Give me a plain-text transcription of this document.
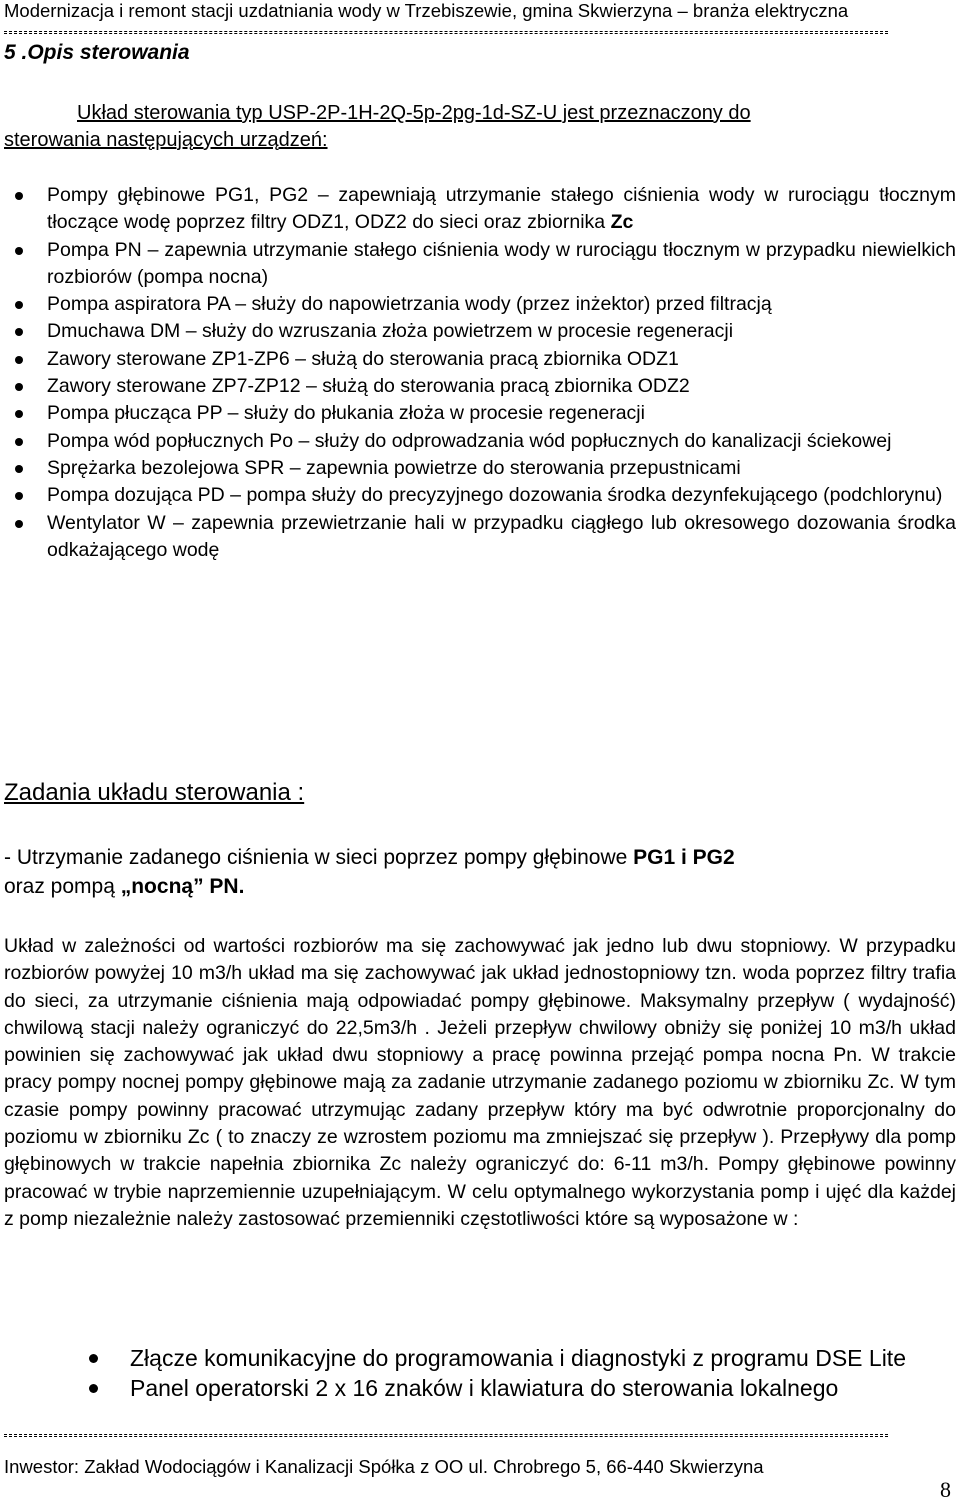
Modernizacja i remont stacji uzdatniania wody w Trzebiszewie, gmina Skwierzyna – branża elektryczna
5 .Opis sterowania
Układ sterowania typ USP-2P-1H-2Q-5p-2pg-1d-SZ-U jest przeznaczony do
sterowania następujących urządzeń:
Pompy głębinowe PG1, PG2 – zapewniają utrzymanie stałego ciśnienia wody w rurociągu tłocznym tłoczące wodę poprzez filtry ODZ1, ODZ2 do sieci oraz zbiornika Zc
Pompa PN – zapewnia utrzymanie stałego ciśnienia wody w rurociągu tłocznym w przypadku niewielkich rozbiorów (pompa nocna)
Pompa aspiratora PA – służy do napowietrzania wody (przez inżektor) przed filtracją
Dmuchawa DM – służy do wzruszania złoża powietrzem w procesie regeneracji
Zawory sterowane ZP1-ZP6 – służą do sterowania pracą zbiornika ODZ1
Zawory sterowane ZP7-ZP12 – służą do sterowania pracą zbiornika ODZ2
Pompa płucząca PP – służy do płukania złoża w procesie regeneracji
Pompa wód popłucznych Po – służy do odprowadzania wód popłucznych do kanalizacji ściekowej
Sprężarka bezolejowa SPR – zapewnia powietrze do sterowania przepustnicami
Pompa dozująca PD – pompa służy do precyzyjnego dozowania środka dezynfekującego (podchlorynu)
Wentylator W – zapewnia przewietrzanie hali w przypadku ciągłego lub okresowego dozowania środka odkażającego wodę
Zadania układu sterowania :
- Utrzymanie zadanego ciśnienia w sieci poprzez pompy głębinowe PG1 i PG2
oraz pompą „nocną” PN.
Układ w zależności od wartości rozbiorów ma się zachowywać jak jedno lub dwu stopniowy. W przypadku rozbiorów powyżej 10 m3/h układ ma się zachowywać jak układ jednostopniowy tzn. woda poprzez filtry trafia do sieci, za utrzymanie ciśnienia mają odpowiadać pompy głębinowe. Maksymalny przepływ ( wydajność) chwilową stacji należy ograniczyć do 22,5m3/h . Jeżeli przepływ chwilowy obniży się poniżej 10 m3/h układ powinien się zachowywać jak układ dwu stopniowy a pracę powinna przejąć pompa nocna Pn. W trakcie pracy pompy nocnej pompy głębinowe mają za zadanie utrzymanie zadanego poziomu w zbiorniku Zc. W tym czasie pompy powinny pracować utrzymując zadany przepływ który ma być odwrotnie proporcjonalny do poziomu w zbiorniku Zc ( to znaczy ze wzrostem poziomu ma zmniejszać się przepływ ). Przepływy dla pomp głębinowych w trakcie napełnia zbiornika Zc należy ograniczyć do: 6-11 m3/h. Pompy głębinowe powinny pracować w trybie naprzemiennie uzupełniającym. W celu optymalnego wykorzystania pomp i ujęć dla każdej z pomp niezależnie należy zastosować przemienniki częstotliwości które są wyposażone w :
Złącze komunikacyjne do programowania i diagnostyki z programu DSE Lite
Panel operatorski 2 x 16 znaków i klawiatura do sterowania lokalnego
Inwestor: Zakład Wodociągów i Kanalizacji Spółka z OO ul. Chrobrego 5, 66-440 Skwierzyna
8
